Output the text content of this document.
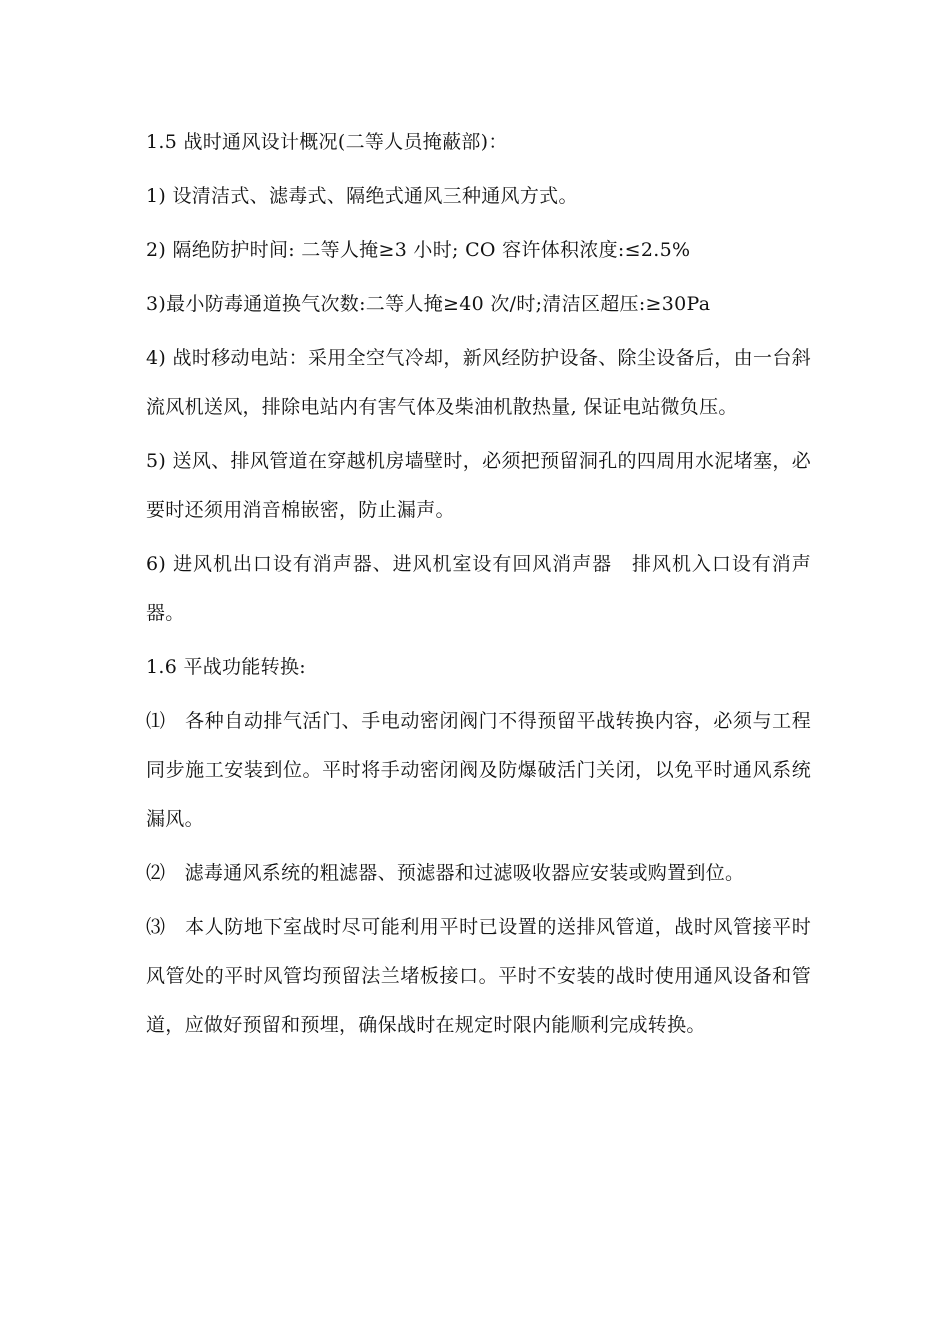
1.5 战时通风设计概况(二等人员掩蔽部)：

1) 设清洁式、滤毒式、隔绝式通风三种通风方式。

2) 隔绝防护时间: 二等人掩≥3 小时; CO 容许体积浓度:≤2.5%

3)最小防毒通道换气次数:二等人掩≥40 次/时;清洁区超压:≥30Pa

4) 战时移动电站：采用全空气冷却，新风经防护设备、除尘设备后，由一台斜流风机送风，排除电站内有害气体及柴油机散热量, 保证电站微负压。

5) 送风、排风管道在穿越机房墙壁时，必须把预留洞孔的四周用水泥堵塞，必要时还须用消音棉嵌密，防止漏声。

6) 进风机出口设有消声器、进风机室设有回风消声器　排风机入口设有消声器。

1.6 平战功能转换:

⑴　各种自动排气活门、手电动密闭阀门不得预留平战转换内容，必须与工程同步施工安装到位。平时将手动密闭阀及防爆破活门关闭，以免平时通风系统漏风。

⑵　滤毒通风系统的粗滤器、预滤器和过滤吸收器应安装或购置到位。

⑶　本人防地下室战时尽可能利用平时已设置的送排风管道，战时风管接平时风管处的平时风管均预留法兰堵板接口。平时不安装的战时使用通风设备和管道，应做好预留和预埋，确保战时在规定时限内能顺利完成转换。
